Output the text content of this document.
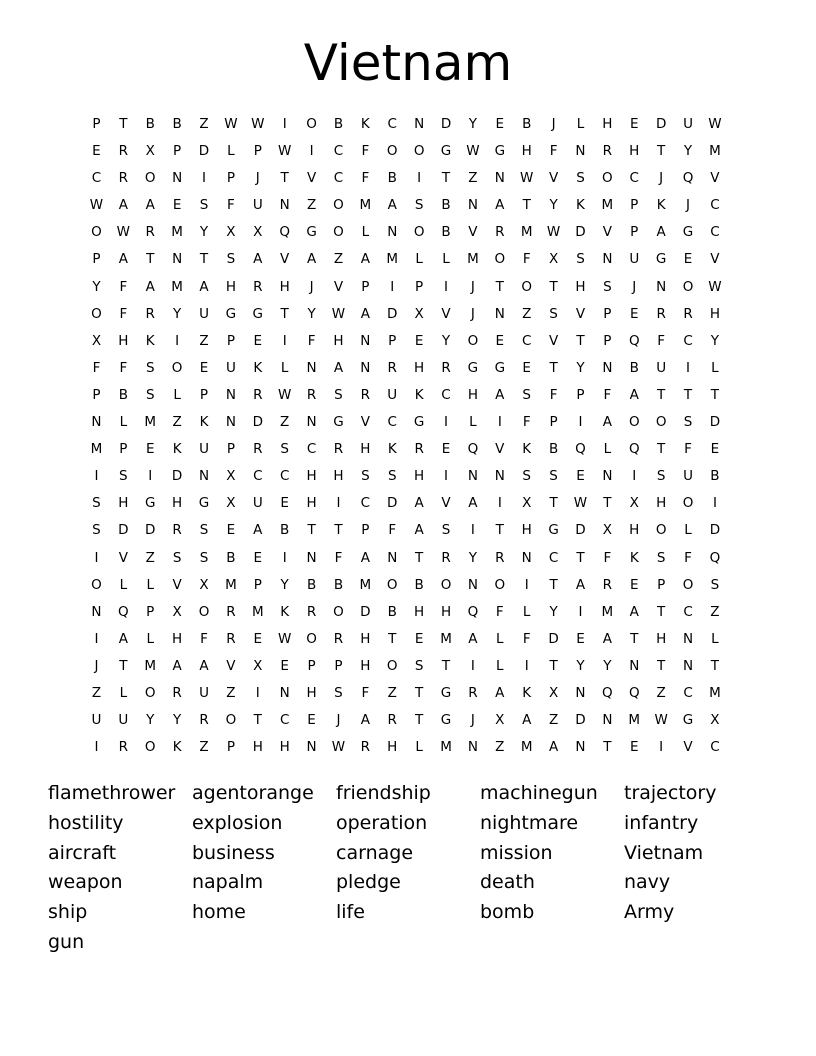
Vietnam
P	T	B	B	Z	W	W	I	O	B	K	C	N	D	Y	E	B	J	L	H	E	D	U	W
E	R	X	P	D	L	P	W	I	C	F	O	O	G	W	G	H	F	N	R	H	T	Y	M
C	R	O	N	I	P	J	T	V	C	F	B	I	T	Z	N	W	V	S	O	C	J	Q	V
W	A	A	E	S	F	U	N	Z	O	M	A	S	B	N	A	T	Y	K	M	P	K	J	C
O	W	R	M	Y	X	X	Q	G	O	L	N	O	B	V	R	M	W	D	V	P	A	G	C
P	A	T	N	T	S	A	V	A	Z	A	M	L	L	M	O	F	X	S	N	U	G	E	V
Y	F	A	M	A	H	R	H	J	V	P	I	P	I	J	T	O	T	H	S	J	N	O	W
O	F	R	Y	U	G	G	T	Y	W	A	D	X	V	J	N	Z	S	V	P	E	R	R	H
X	H	K	I	Z	P	E	I	F	H	N	P	E	Y	O	E	C	V	T	P	Q	F	C	Y
F	F	S	O	E	U	K	L	N	A	N	R	H	R	G	G	E	T	Y	N	B	U	I	L
P	B	S	L	P	N	R	W	R	S	R	U	K	C	H	A	S	F	P	F	A	T	T	T
N	L	M	Z	K	N	D	Z	N	G	V	C	G	I	L	I	F	P	I	A	O	O	S	D
M	P	E	K	U	P	R	S	C	R	H	K	R	E	Q	V	K	B	Q	L	Q	T	F	E
I	S	I	D	N	X	C	C	H	H	S	S	H	I	N	N	S	S	E	N	I	S	U	B
S	H	G	H	G	X	U	E	H	I	C	D	A	V	A	I	X	T	W	T	X	H	O	I
S	D	D	R	S	E	A	B	T	T	P	F	A	S	I	T	H	G	D	X	H	O	L	D
I	V	Z	S	S	B	E	I	N	F	A	N	T	R	Y	R	N	C	T	F	K	S	F	Q
O	L	L	V	X	M	P	Y	B	B	M	O	B	O	N	O	I	T	A	R	E	P	O	S
N	Q	P	X	O	R	M	K	R	O	D	B	H	H	Q	F	L	Y	I	M	A	T	C	Z
I	A	L	H	F	R	E	W	O	R	H	T	E	M	A	L	F	D	E	A	T	H	N	L
J	T	M	A	A	V	X	E	P	P	H	O	S	T	I	L	I	T	Y	Y	N	T	N	T
Z	L	O	R	U	Z	I	N	H	S	F	Z	T	G	R	A	K	X	N	Q	Q	Z	C	M
U	U	Y	Y	R	O	T	C	E	J	A	R	T	G	J	X	A	Z	D	N	M	W	G	X
I	R	O	K	Z	P	H	H	N	W	R	H	L	M	N	Z	M	A	N	T	E	I	V	C
flamethrower agentorange	friendship	machinegun	trajectory
hostility	explosion	operation	nightmare	infantry
aircraft	business	carnage	mission	Vietnam
weapon	napalm	pledge	death	navy
ship	home	life	bomb	Army
gun
